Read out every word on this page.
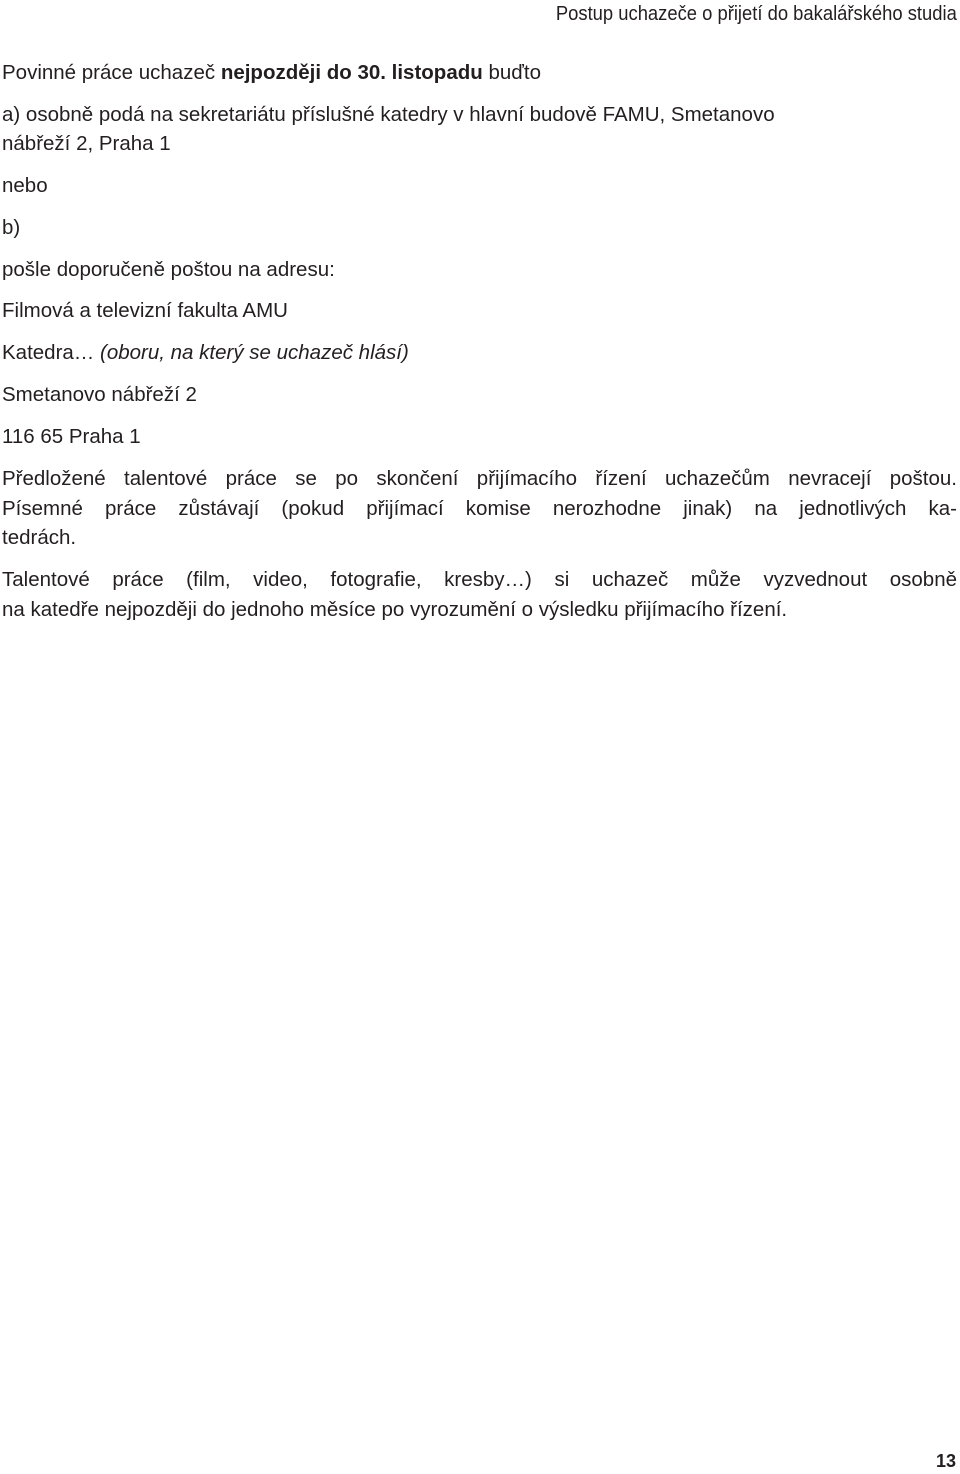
Postup uchazeče o přijetí do bakalářského studia
Povinné práce uchazeč nejpozději do 30. listopadu buďto
a) osobně podá na sekretariátu příslušné katedry v hlavní budově FAMU, Smetanovo
nábřeží 2, Praha 1
nebo
b)
pošle doporučeně poštou na adresu:
Filmová a televizní fakulta AMU
Katedra… (oboru, na který se uchazeč hlásí)
Smetanovo nábřeží 2
116 65 Praha 1
Předložené talentové práce se po skončení přijímacího řízení uchazečům nevracejí poštou.
Písemné práce zůstávají (pokud přijímací komise nerozhodne jinak) na jednotlivých ka-
tedrách.
Talentové práce (film, video, fotografie, kresby…) si uchazeč může vyzvednout osobně
na katedře nejpozději do jednoho měsíce po vyrozumění o výsledku přijímacího řízení.
13
